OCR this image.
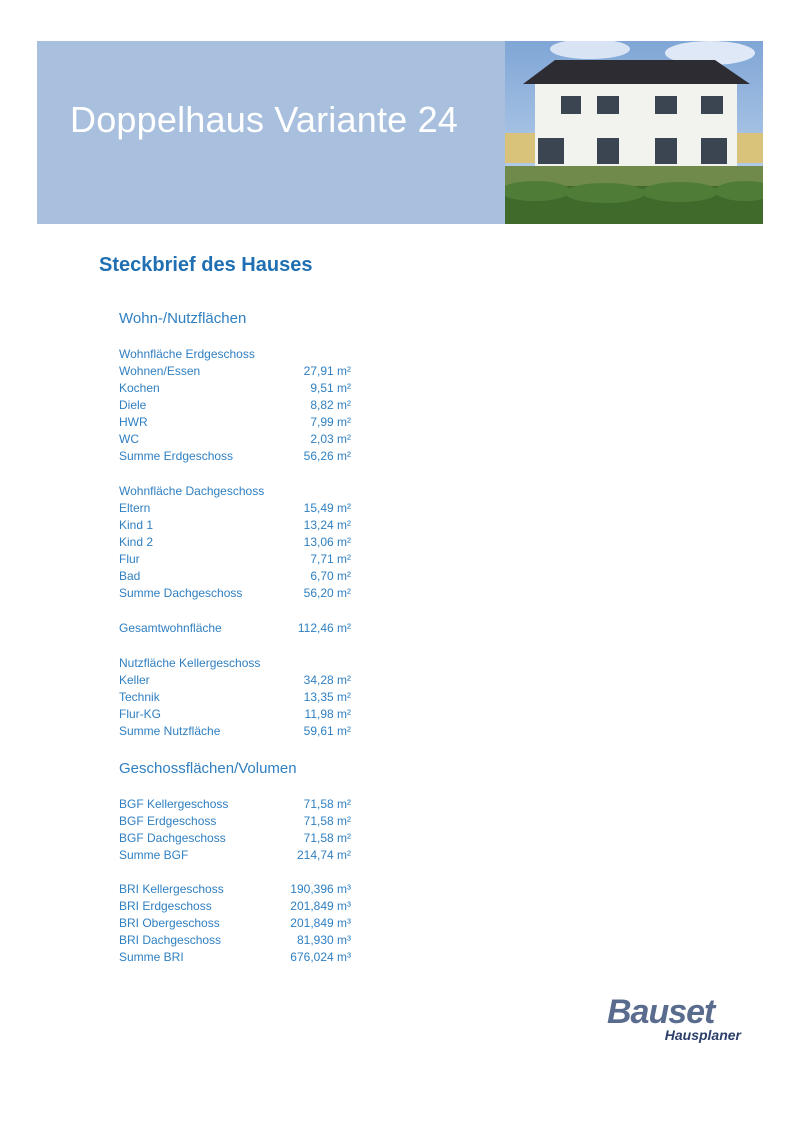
Doppelhaus Variante 24
Steckbrief des Hauses
Wohn-/Nutzflächen
Wohnfläche Erdgeschoss
Wohnen/Essen	27,91 m²
Kochen	9,51 m²
Diele	8,82 m²
HWR	7,99 m²
WC	2,03 m²
Summe Erdgeschoss	56,26 m²
Wohnfläche Dachgeschoss
Eltern	15,49 m²
Kind 1	13,24 m²
Kind 2	13,06 m²
Flur	7,71 m²
Bad	6,70 m²
Summe Dachgeschoss	56,20 m²
Gesamtwohnfläche	112,46 m²
Nutzfläche Kellergeschoss
Keller	34,28 m²
Technik	13,35 m²
Flur-KG	11,98 m²
Summe Nutzfläche	59,61 m²
Geschossflächen/Volumen
BGF Kellergeschoss	71,58 m²
BGF Erdgeschoss	71,58 m²
BGF Dachgeschoss	71,58 m²
Summe BGF	214,74 m²
BRI Kellergeschoss	190,396 m³
BRI Erdgeschoss	201,849 m³
BRI Obergeschoss	201,849 m³
BRI Dachgeschoss	81,930 m³
Summe BRI	676,024 m³
Bauset
Hausplaner
